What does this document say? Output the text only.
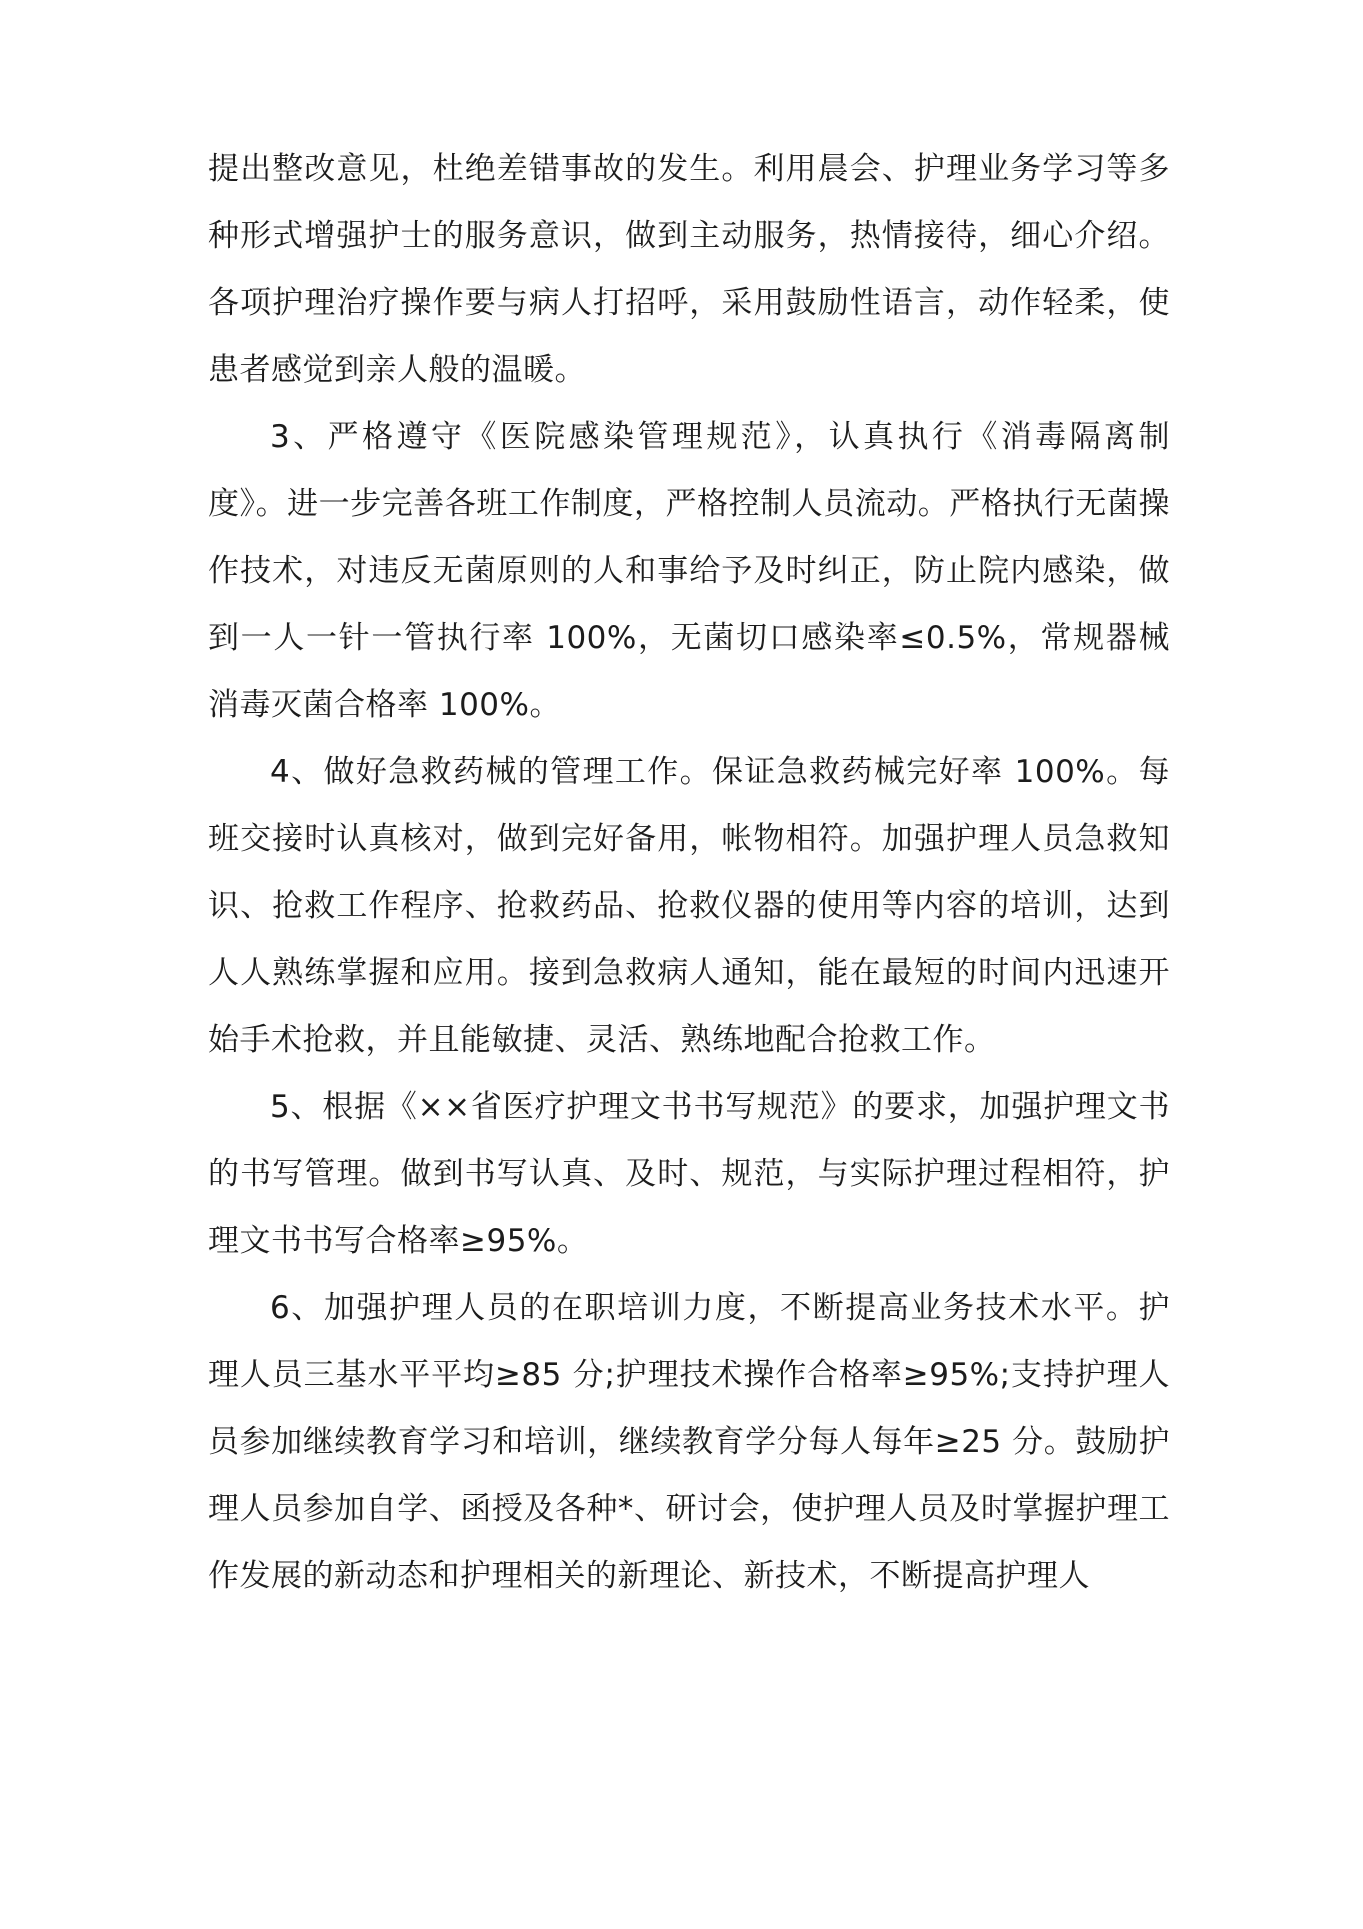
提出整改意见，杜绝差错事故的发生。利用晨会、护理业务学习等多种形式增强护士的服务意识，做到主动服务，热情接待，细心介绍。各项护理治疗操作要与病人打招呼，采用鼓励性语言，动作轻柔，使患者感觉到亲人般的温暖。

3、严格遵守《医院感染管理规范》，认真执行《消毒隔离制度》。进一步完善各班工作制度，严格控制人员流动。严格执行无菌操作技术，对违反无菌原则的人和事给予及时纠正，防止院内感染，做到一人一针一管执行率 100%，无菌切口感染率≤0.5%，常规器械消毒灭菌合格率 100%。

4、做好急救药械的管理工作。保证急救药械完好率 100%。每班交接时认真核对，做到完好备用，帐物相符。加强护理人员急救知识、抢救工作程序、抢救药品、抢救仪器的使用等内容的培训，达到人人熟练掌握和应用。接到急救病人通知，能在最短的时间内迅速开始手术抢救，并且能敏捷、灵活、熟练地配合抢救工作。

5、根据《××省医疗护理文书书写规范》的要求，加强护理文书的书写管理。做到书写认真、及时、规范，与实际护理过程相符，护理文书书写合格率≥95%。

6、加强护理人员的在职培训力度，不断提高业务技术水平。护理人员三基水平平均≥85 分;护理技术操作合格率≥95%;支持护理人员参加继续教育学习和培训，继续教育学分每人每年≥25 分。鼓励护理人员参加自学、函授及各种*、研讨会，使护理人员及时掌握护理工作发展的新动态和护理相关的新理论、新技术，不断提高护理人
